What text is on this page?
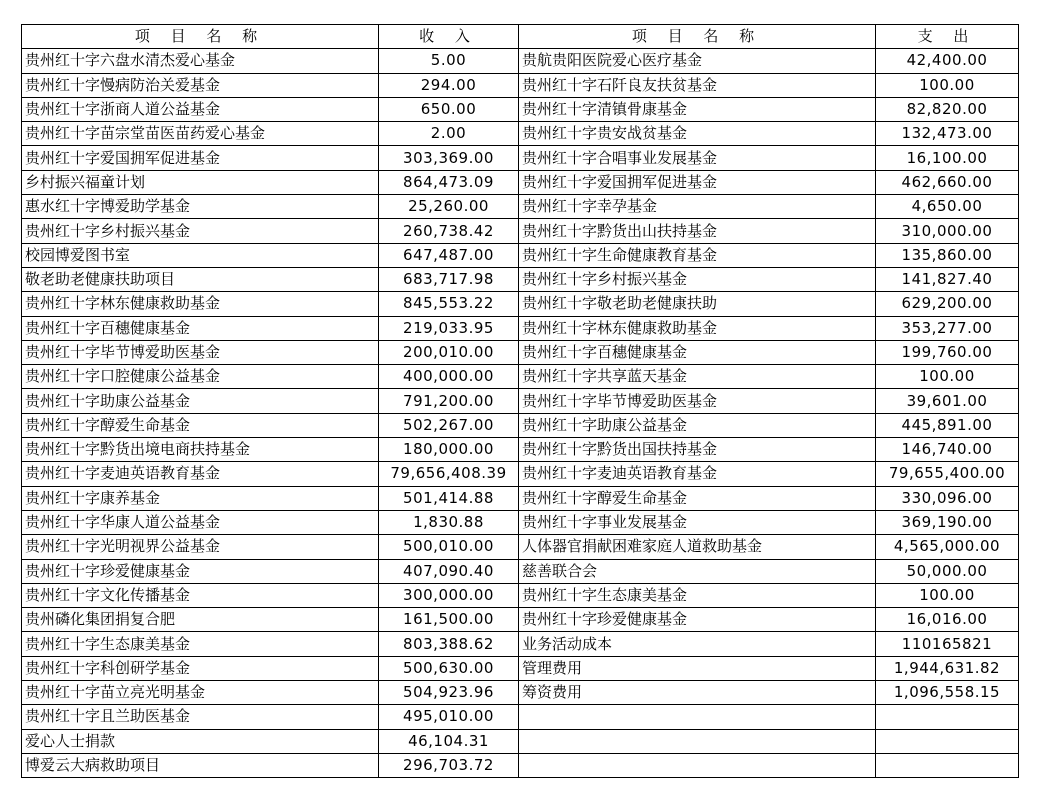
项 目 名 称	收 入	项 目 名 称	支 出
贵州红十字六盘水清杰爱心基金	5.00	贵航贵阳医院爱心医疗基金	42,400.00
贵州红十字慢病防治关爱基金	294.00	贵州红十字石阡良友扶贫基金	100.00
贵州红十字浙商人道公益基金	650.00	贵州红十字清镇骨康基金	82,820.00
贵州红十字苗宗堂苗医苗药爱心基金	2.00	贵州红十字贵安战贫基金	132,473.00
贵州红十字爱国拥军促进基金	303,369.00	贵州红十字合唱事业发展基金	16,100.00
乡村振兴福童计划	864,473.09	贵州红十字爱国拥军促进基金	462,660.00
惠水红十字博爱助学基金	25,260.00	贵州红十字幸孕基金	4,650.00
贵州红十字乡村振兴基金	260,738.42	贵州红十字黔货出山扶持基金	310,000.00
校园博爱图书室	647,487.00	贵州红十字生命健康教育基金	135,860.00
敬老助老健康扶助项目	683,717.98	贵州红十字乡村振兴基金	141,827.40
贵州红十字林东健康救助基金	845,553.22	贵州红十字敬老助老健康扶助	629,200.00
贵州红十字百穗健康基金	219,033.95	贵州红十字林东健康救助基金	353,277.00
贵州红十字毕节博爱助医基金	200,010.00	贵州红十字百穗健康基金	199,760.00
贵州红十字口腔健康公益基金	400,000.00	贵州红十字共享蓝天基金	100.00
贵州红十字助康公益基金	791,200.00	贵州红十字毕节博爱助医基金	39,601.00
贵州红十字醇爱生命基金	502,267.00	贵州红十字助康公益基金	445,891.00
贵州红十字黔货出境电商扶持基金	180,000.00	贵州红十字黔货出国扶持基金	146,740.00
贵州红十字麦迪英语教育基金	79,656,408.39	贵州红十字麦迪英语教育基金	79,655,400.00
贵州红十字康养基金	501,414.88	贵州红十字醇爱生命基金	330,096.00
贵州红十字华康人道公益基金	1,830.88	贵州红十字事业发展基金	369,190.00
贵州红十字光明视界公益基金	500,010.00	人体器官捐献困难家庭人道救助基金	4,565,000.00
贵州红十字珍爱健康基金	407,090.40	慈善联合会	50,000.00
贵州红十字文化传播基金	300,000.00	贵州红十字生态康美基金	100.00
贵州磷化集团捐复合肥	161,500.00	贵州红十字珍爱健康基金	16,016.00
贵州红十字生态康美基金	803,388.62	业务活动成本	110165821
贵州红十字科创研学基金	500,630.00	管理费用	1,944,631.82
贵州红十字苗立亮光明基金	504,923.96	筹资费用	1,096,558.15
贵州红十字且兰助医基金	495,010.00		
爱心人士捐款	46,104.31		
博爱云大病救助项目	296,703.72		
